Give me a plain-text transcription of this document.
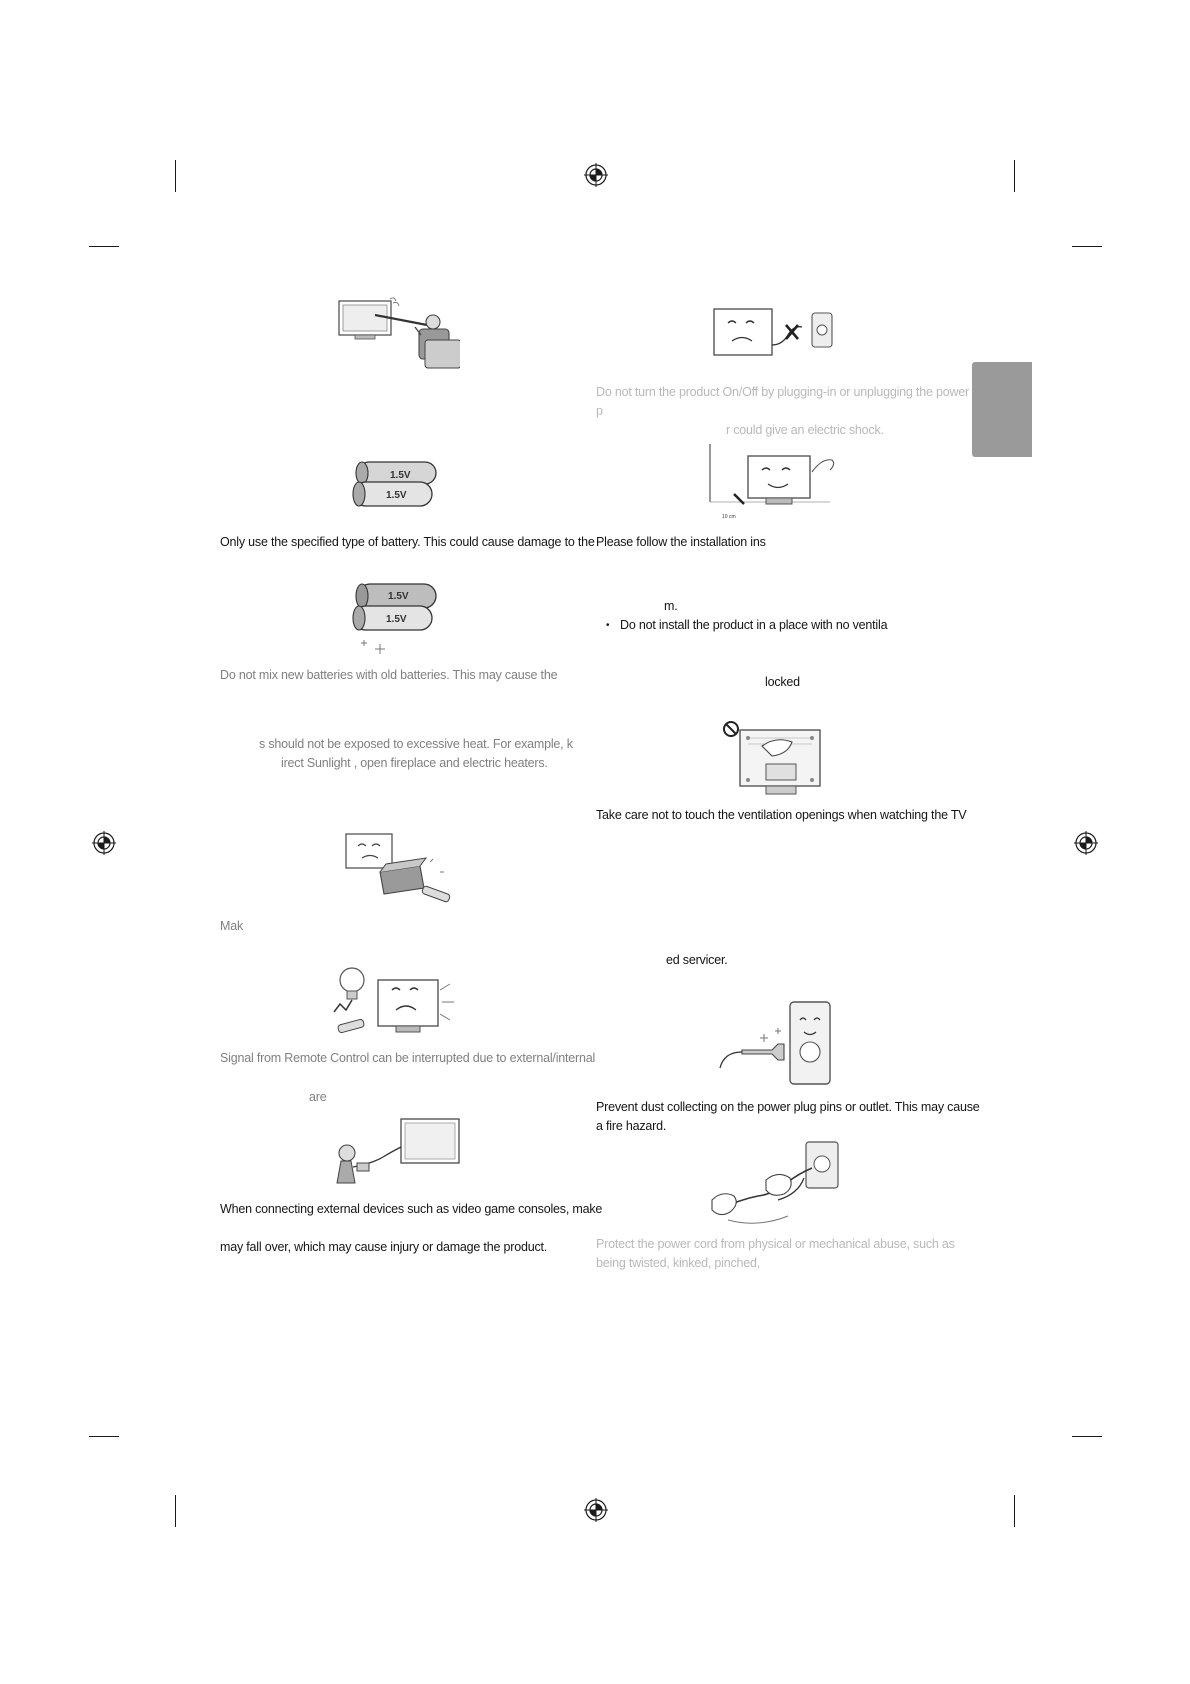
1.5V
1.5V
Only use the specified type of battery. This could cause damage to the
1.5V
1.5V
Do not mix new batteries with old batteries. This may cause the
s should not be exposed to excessive heat. For example, k
irect Sunlight , open fireplace and electric heaters.
Mak
Signal from Remote Control can be interrupted due to external/internal
are
When connecting external devices such as video game consoles, make
may fall over, which may cause injury or damage the product.
Do not turn the product On/Off by plugging-in or unplugging the power
p
r could give an electric shock.
10 cm
Please follow the installation ins
m.
• Do not install the product in a place with no ventila
locked
Take care not to touch the ventilation openings when watching the TV
ed servicer.
Prevent dust collecting on the power plug pins or outlet. This may cause
a fire hazard.
Protect the power cord from physical or mechanical abuse, such as
being twisted, kinked, pinched,
